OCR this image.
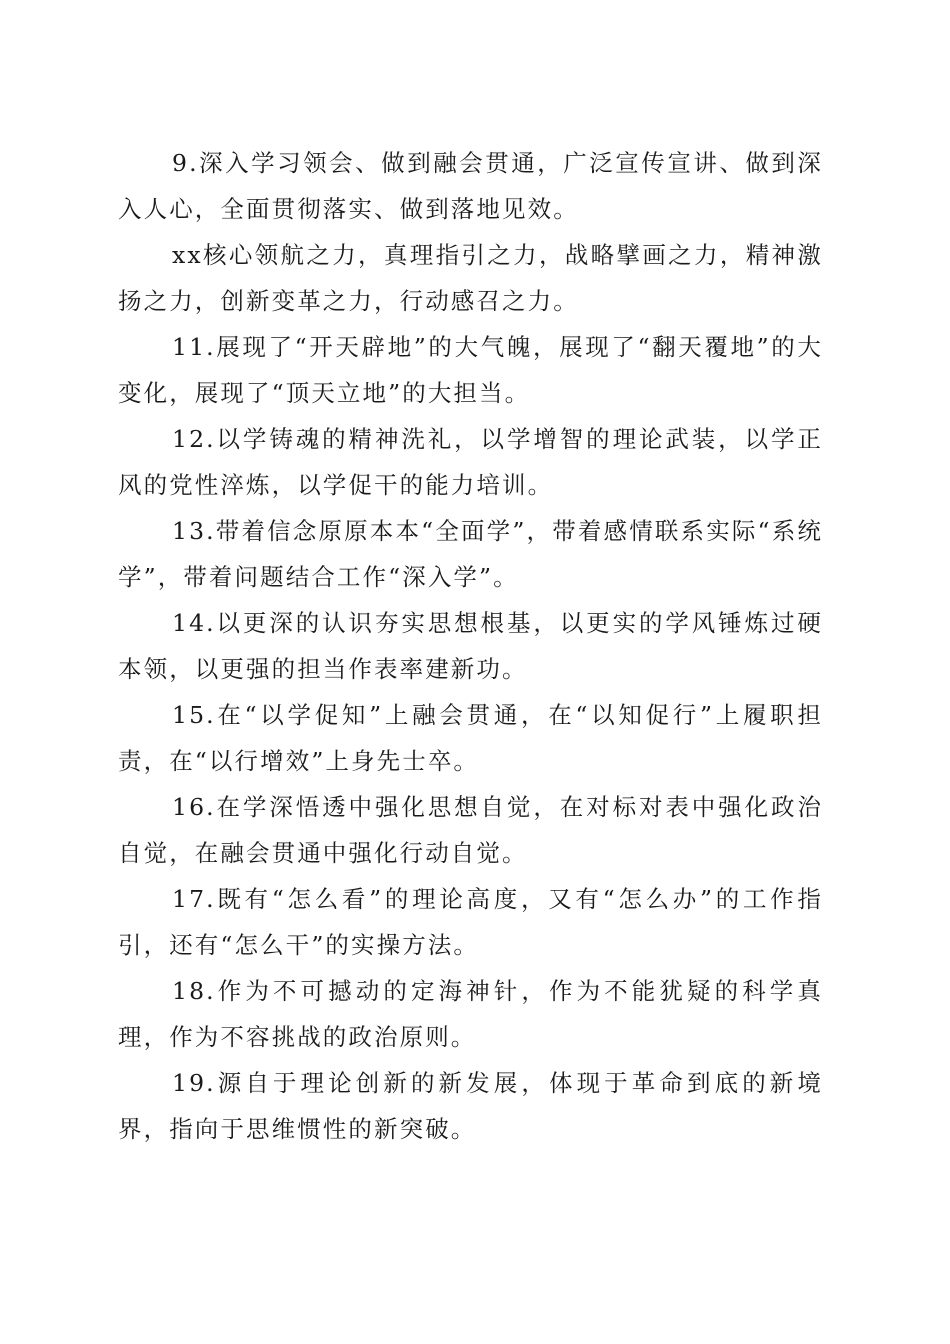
9.深入学习领会、做到融会贯通，广泛宣传宣讲、做到深入人心，全面贯彻落实、做到落地见效。

xx核心领航之力，真理指引之力，战略擘画之力，精神激扬之力，创新变革之力，行动感召之力。

11.展现了“开天辟地”的大气魄，展现了“翻天覆地”的大变化，展现了“顶天立地”的大担当。

12.以学铸魂的精神洗礼，以学增智的理论武装，以学正风的党性淬炼，以学促干的能力培训。

13.带着信念原原本本“全面学”，带着感情联系实际“系统学”，带着问题结合工作“深入学”。

14.以更深的认识夯实思想根基，以更实的学风锤炼过硬本领，以更强的担当作表率建新功。

15.在“以学促知”上融会贯通，在“以知促行”上履职担责，在“以行增效”上身先士卒。

16.在学深悟透中强化思想自觉，在对标对表中强化政治自觉，在融会贯通中强化行动自觉。

17.既有“怎么看”的理论高度，又有“怎么办”的工作指引，还有“怎么干”的实操方法。

18.作为不可撼动的定海神针，作为不能犹疑的科学真理，作为不容挑战的政治原则。

19.源自于理论创新的新发展，体现于革命到底的新境界，指向于思维惯性的新突破。
